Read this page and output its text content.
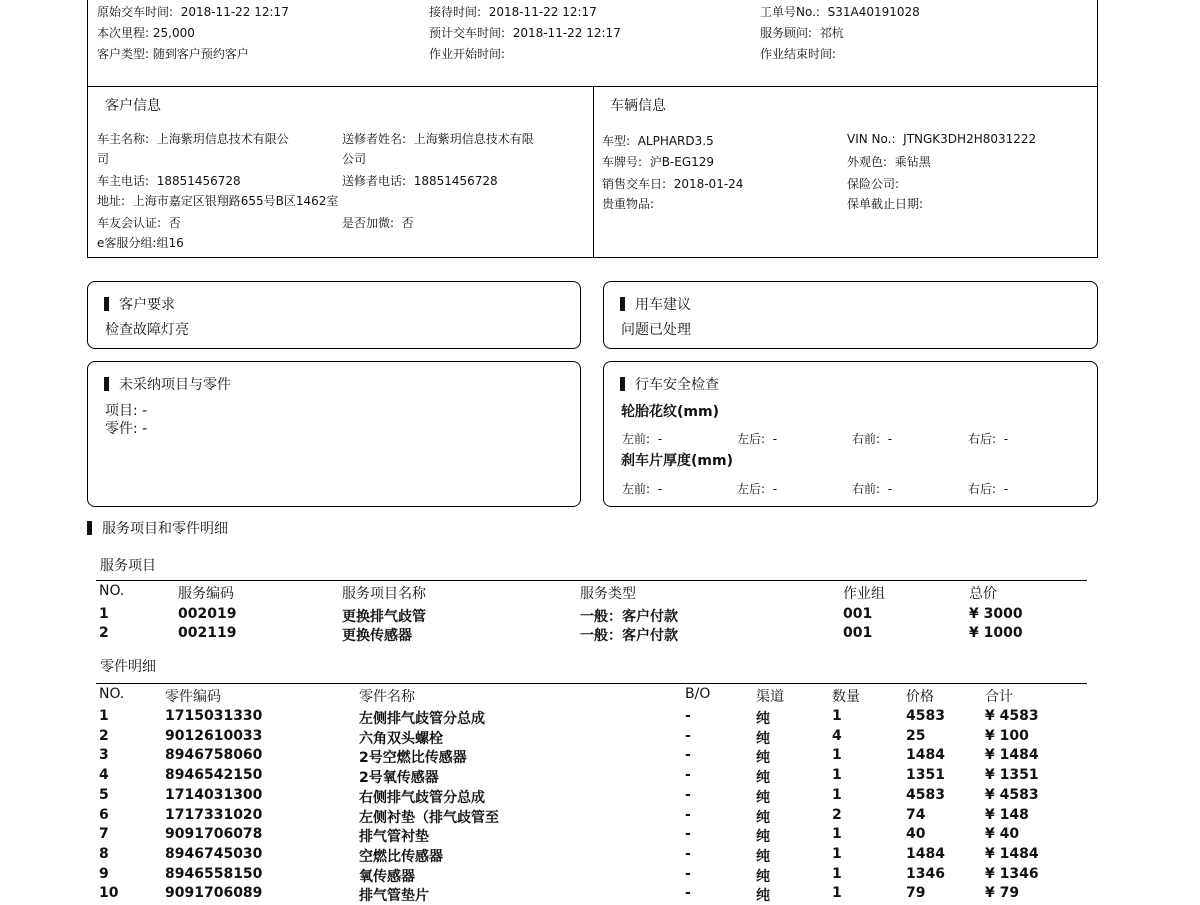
原始交车时间: 2018-11-22 12:17	接待时间: 2018-11-22 12:17	工单号No.: S31A40191028
本次里程: 25,000	预计交车时间: 2018-11-22 12:17	服务顾问: 祁杭
客户类型: 随到客户预约客户	作业开始时间:	作业结束时间:
客户信息
车主名称: 上海紫玥信息技术有限公
司
送修者姓名: 上海紫玥信息技术有限
公司
车主电话: 18851456728	送修者电话: 18851456728
地址: 上海市嘉定区银翔路655号B区1462室
车友会认证: 否	是否加微: 否
e客服分组:组16
车辆信息
车型: ALPHARD3.5	VIN No.: JTNGK3DH2H8031222
车牌号: 沪B-EG129	外观色: 乘钻黑
销售交车日: 2018-01-24	保险公司:
贵重物品:	保单截止日期:
客户要求
检查故障灯亮
用车建议
问题已处理
未采纳项目与零件
项目: -
零件: -
行车安全检查
轮胎花纹(mm)
左前: -	左后: -	右前: -	右后: -
刹车片厚度(mm)
左前: -	左后: -	右前: -	右后: -
服务项目和零件明细
服务项目
NO.	服务编码	服务项目名称	服务类型	作业组	总价
1	002019	更换排气歧管	一般：客户付款	001	¥ 3000
2	002119	更换传感器	一般：客户付款	001	¥ 1000
零件明细
NO.	零件编码	零件名称	B/O	渠道	数量	价格	合计
1	1715031330	左侧排气歧管分总成	-	纯	1	4583	¥ 4583
2	9012610033	六角双头螺栓	-	纯	4	25	¥ 100
3	8946758060	2号空燃比传感器	-	纯	1	1484	¥ 1484
4	8946542150	2号氧传感器	-	纯	1	1351	¥ 1351
5	1714031300	右侧排气歧管分总成	-	纯	1	4583	¥ 4583
6	1717331020	左侧衬垫（排气歧管至	-	纯	2	74	¥ 148
7	9091706078	排气管衬垫	-	纯	1	40	¥ 40
8	8946745030	空燃比传感器	-	纯	1	1484	¥ 1484
9	8946558150	氧传感器	-	纯	1	1346	¥ 1346
10	9091706089	排气管垫片	-	纯	1	79	¥ 79
